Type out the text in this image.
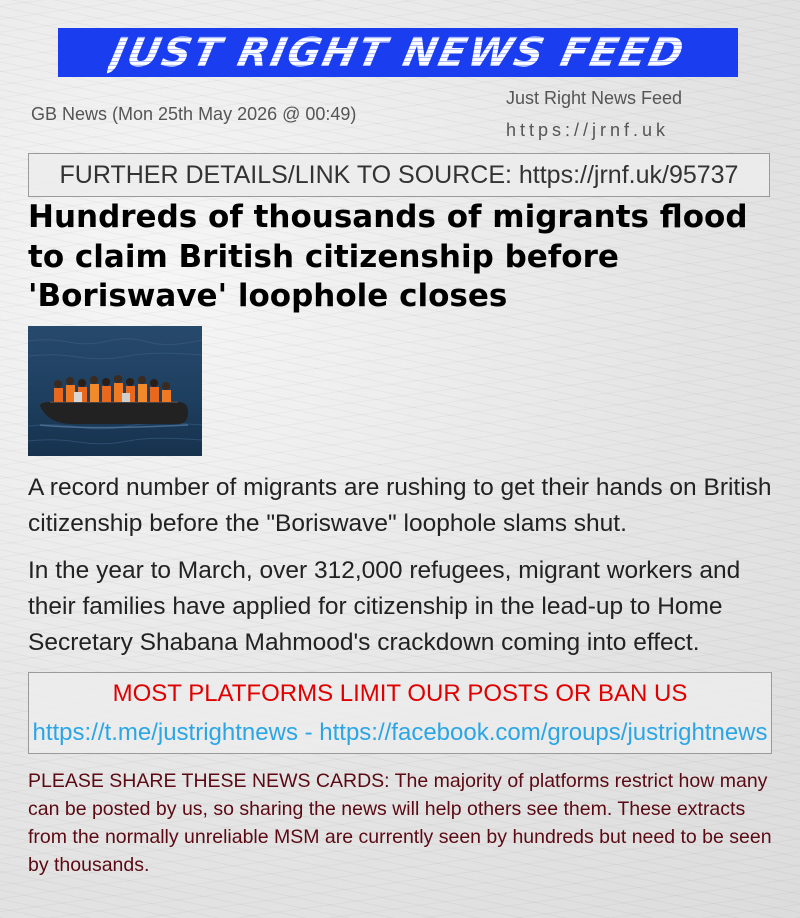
JUST RIGHT NEWS FEED
GB News (Mon 25th May 2026 @ 00:49)
Just Right News Feed
https://jrnf.uk
FURTHER DETAILS/LINK TO SOURCE: https://jrnf.uk/95737
Hundreds of thousands of migrants flood to claim British citizenship before 'Boriswave' loophole closes

A record number of migrants are rushing to get their hands on British citizenship before the "Boriswave" loophole slams shut.

In the year to March, over 312,000 refugees, migrant workers and their families have applied for citizenship in the lead-up to Home Secretary Shabana Mahmood's crackdown coming into effect.

MOST PLATFORMS LIMIT OUR POSTS OR BAN US
https://t.me/justrightnews - https://facebook.com/groups/justrightnews

PLEASE SHARE THESE NEWS CARDS: The majority of platforms restrict how many can be posted by us, so sharing the news will help others see them. These extracts from the normally unreliable MSM are currently seen by hundreds but need to be seen by thousands.
